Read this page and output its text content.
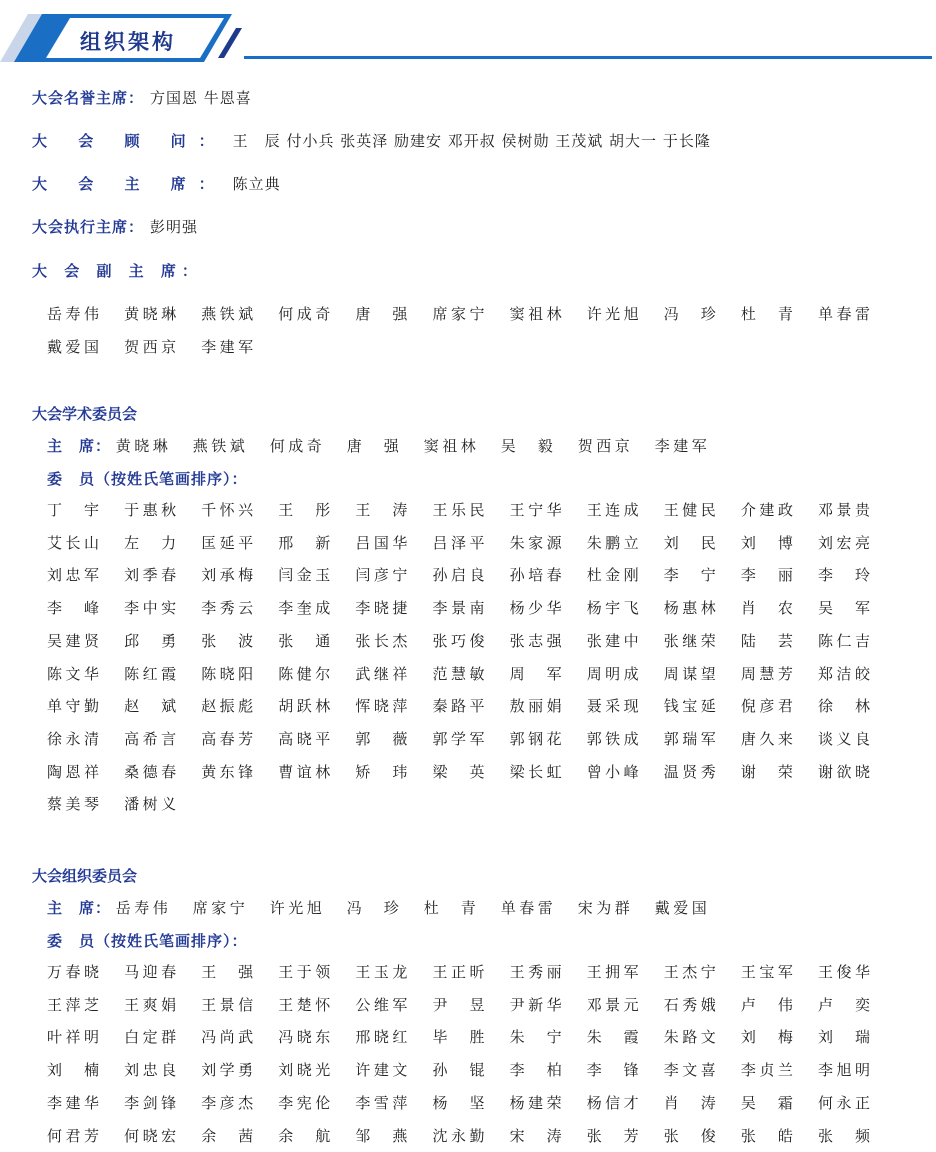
组织架构
大会名誉主席： 方国恩 牛恩喜
大 会 顾 问： 王　辰 付小兵 张英泽 励建安 邓开叔 侯树勋 王茂斌 胡大一 于长隆
大 会 主 席： 陈立典
大会执行主席： 彭明强
大 会 副 主 席：
岳寿伟 黄晓琳 燕铁斌 何成奇 唐　强 席家宁 窦祖林 许光旭 冯　珍 杜　青 单春雷
戴爱国 贺西京 李建军
大会学术委员会
主　席： 黄晓琳 燕铁斌 何成奇 唐　强 窦祖林 吴　毅 贺西京 李建军
委　员（按姓氏笔画排序）：
丁　宇 于惠秋 千怀兴 王　彤 王　涛 王乐民 王宁华 王连成 王健民 介建政 邓景贵
艾长山 左　力 匡延平 邢　新 吕国华 吕泽平 朱家源 朱鹏立 刘　民 刘　博 刘宏亮
刘忠军 刘季春 刘承梅 闫金玉 闫彦宁 孙启良 孙培春 杜金刚 李　宁 李　丽 李　玲
李　峰 李中实 李秀云 李奎成 李晓捷 李景南 杨少华 杨宇飞 杨惠林 肖　农 吴　军
吴建贤 邱　勇 张　波 张　通 张长杰 张巧俊 张志强 张建中 张继荣 陆　芸 陈仁吉
陈文华 陈红霞 陈晓阳 陈健尔 武继祥 范慧敏 周　军 周明成 周谋望 周慧芳 郑洁皎
单守勤 赵　斌 赵振彪 胡跃林 恽晓萍 秦路平 敖丽娟 聂采现 钱宝延 倪彦君 徐　林
徐永清 高希言 高春芳 高晓平 郭　薇 郭学军 郭钢花 郭铁成 郭瑞军 唐久来 谈义良
陶恩祥 桑德春 黄东锋 曹谊林 矫　玮 梁　英 梁长虹 曾小峰 温贤秀 谢　荣 谢欲晓
蔡美琴 潘树义
大会组织委员会
主　席： 岳寿伟 席家宁 许光旭 冯　珍 杜　青 单春雷 宋为群 戴爱国
委　员（按姓氏笔画排序）：
万春晓 马迎春 王　强 王于领 王玉龙 王正昕 王秀丽 王拥军 王杰宁 王宝军 王俊华
王萍芝 王爽娟 王景信 王楚怀 公维军 尹　昱 尹新华 邓景元 石秀娥 卢　伟 卢　奕
叶祥明 白定群 冯尚武 冯晓东 邢晓红 毕　胜 朱　宁 朱　霞 朱路文 刘　梅 刘　瑞
刘　楠 刘忠良 刘学勇 刘晓光 许建文 孙　锟 李　柏 李　锋 李文喜 李贞兰 李旭明
李建华 李剑锋 李彦杰 李宪伦 李雪萍 杨　坚 杨建荣 杨信才 肖　涛 吴　霜 何永正
何君芳 何晓宏 余　茜 余　航 邹　燕 沈永勤 宋　涛 张　芳 张　俊 张　皓 张　频
